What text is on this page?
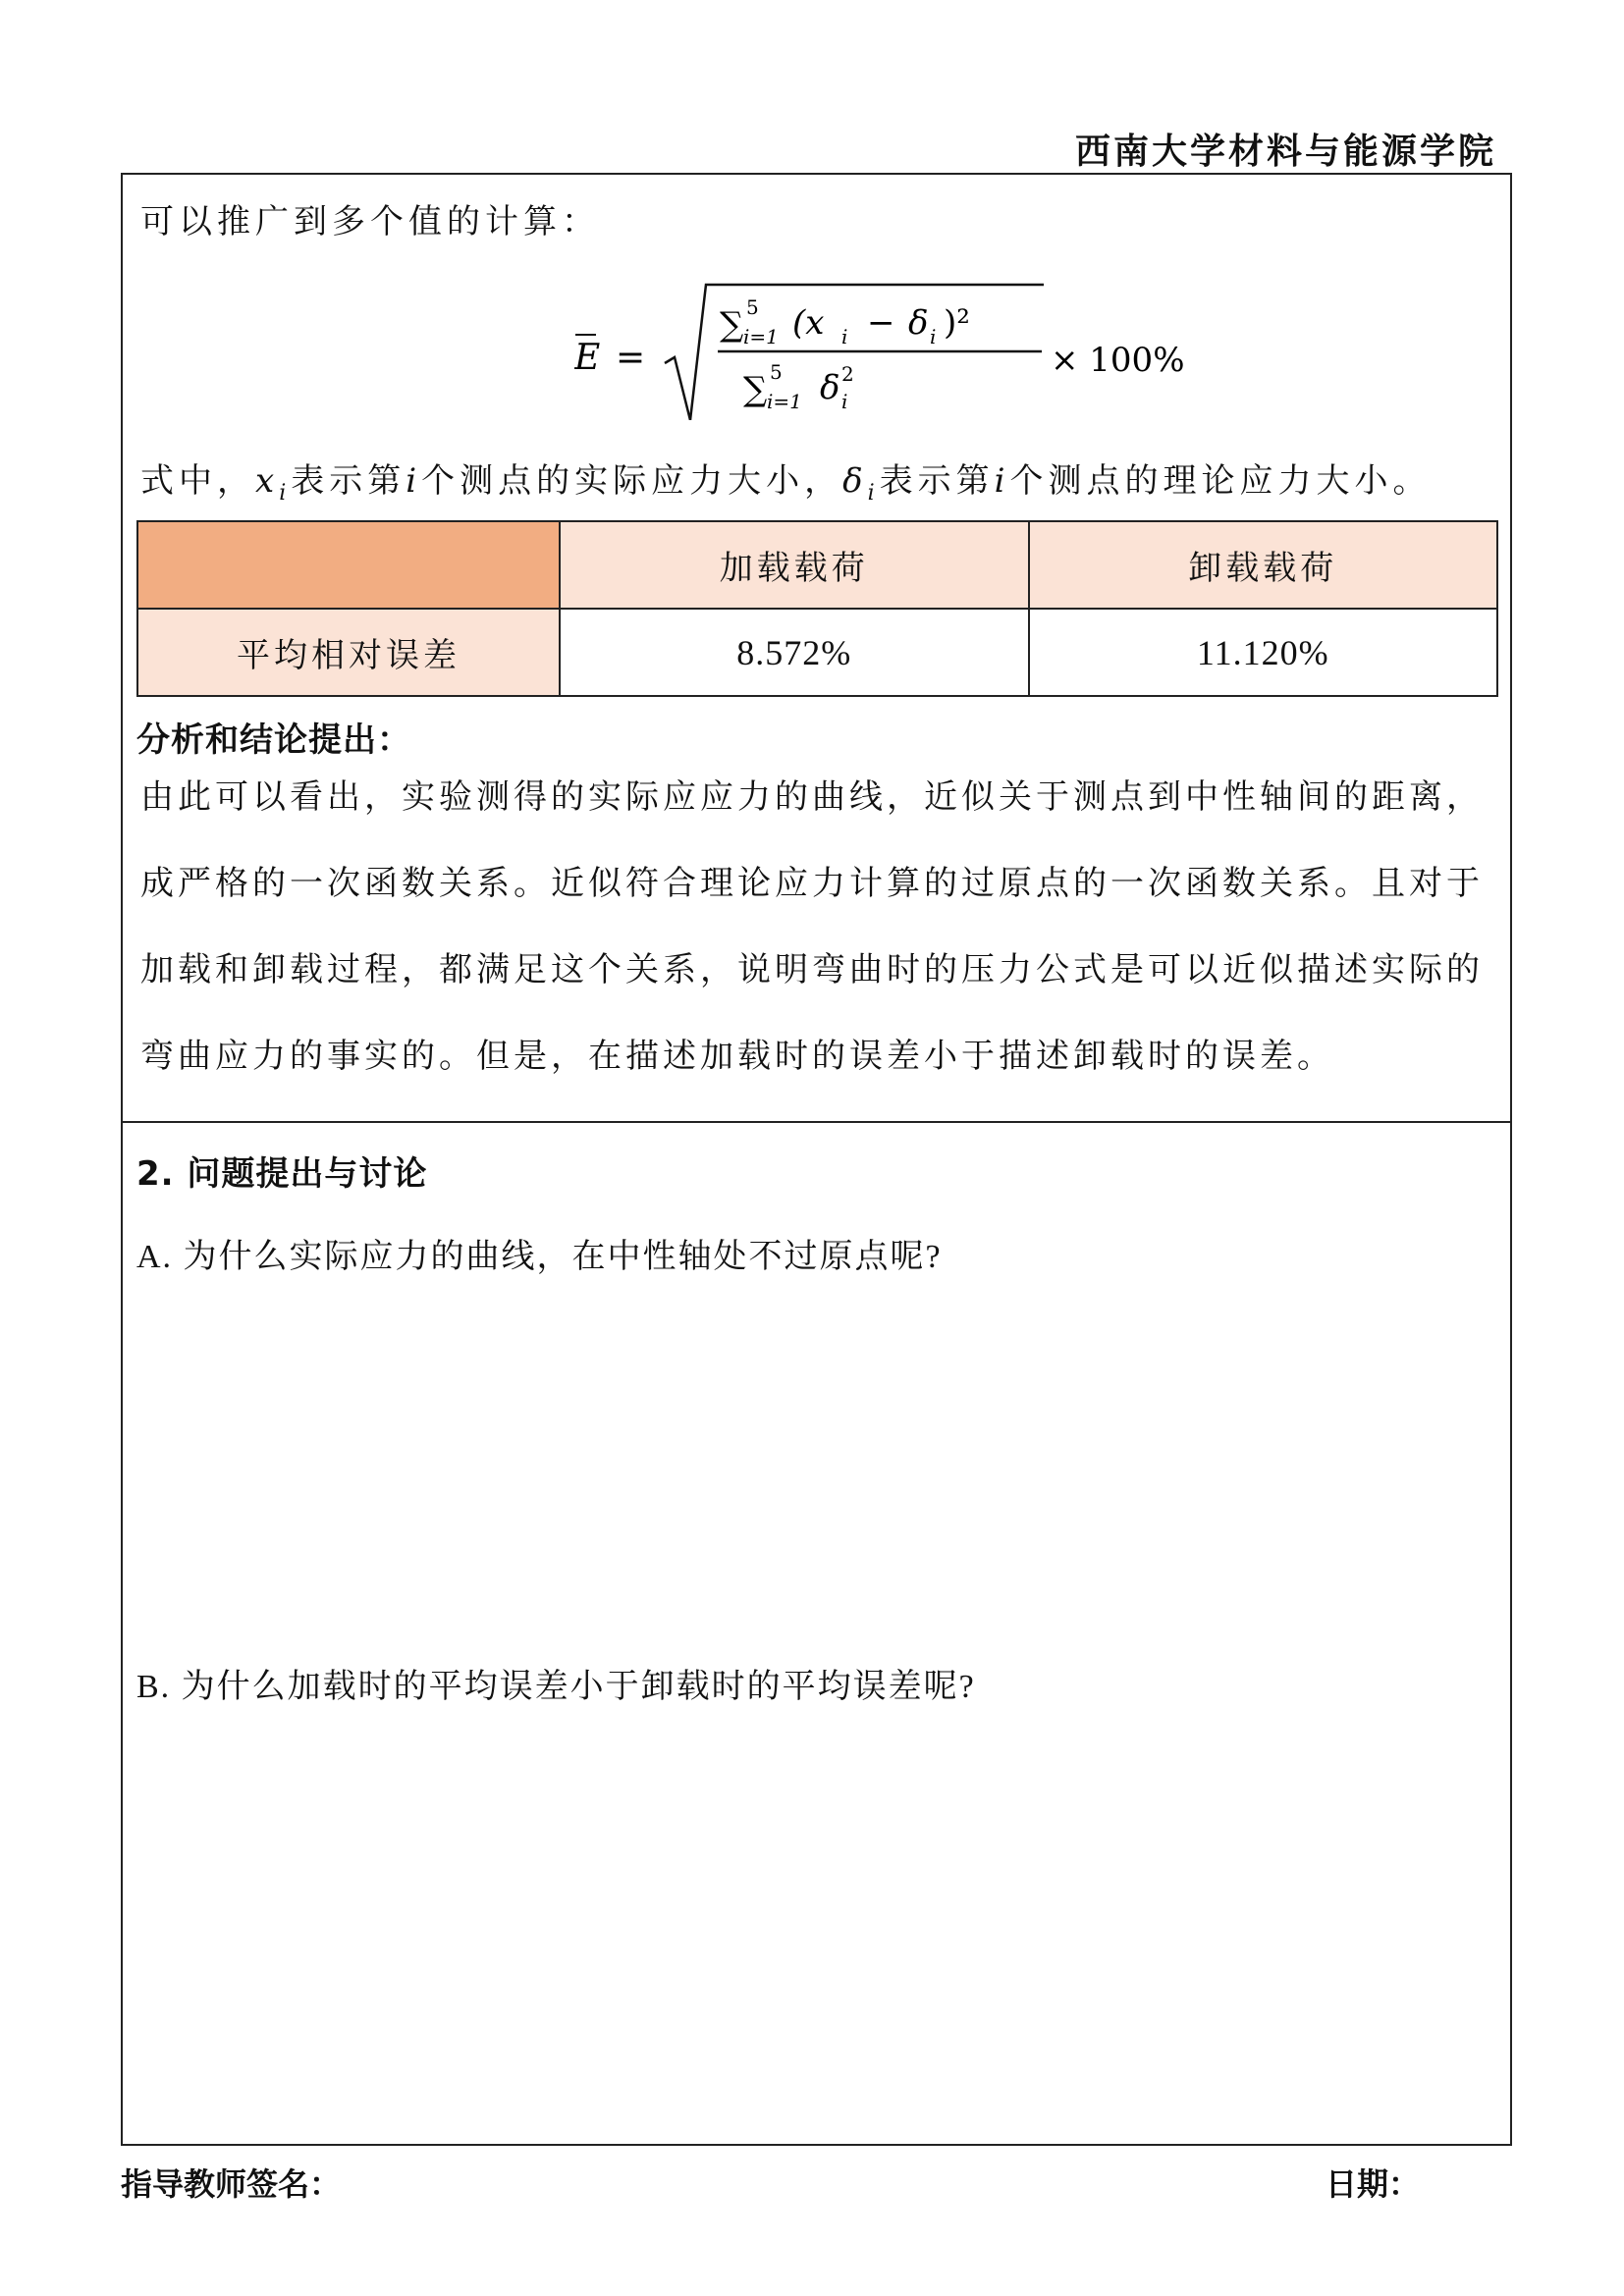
西南大学材料与能源学院
可以推广到多个值的计算：
E =
∑ 5
i=1 (x i − δ i )²
∑ 5
i=1 δ 2
i
× 100%
式中，$x_i$表示第i个测点的实际应力大小，$\delta_i$表示第i个测点的理论应力大小。
	加载载荷	卸载载荷
平均相对误差	8.572%	11.120%
分析和结论提出：
由此可以看出，实验测得的实际应应力的曲线，近似关于测点到中性轴间的距离，
成严格的一次函数关系。近似符合理论应力计算的过原点的一次函数关系。且对于
加载和卸载过程，都满足这个关系，说明弯曲时的压力公式是可以近似描述实际的
弯曲应力的事实的。但是，在描述加载时的误差小于描述卸载时的误差。
2. 问题提出与讨论
A. 为什么实际应力的曲线，在中性轴处不过原点呢?
B. 为什么加载时的平均误差小于卸载时的平均误差呢?
指导教师签名：	日期：
